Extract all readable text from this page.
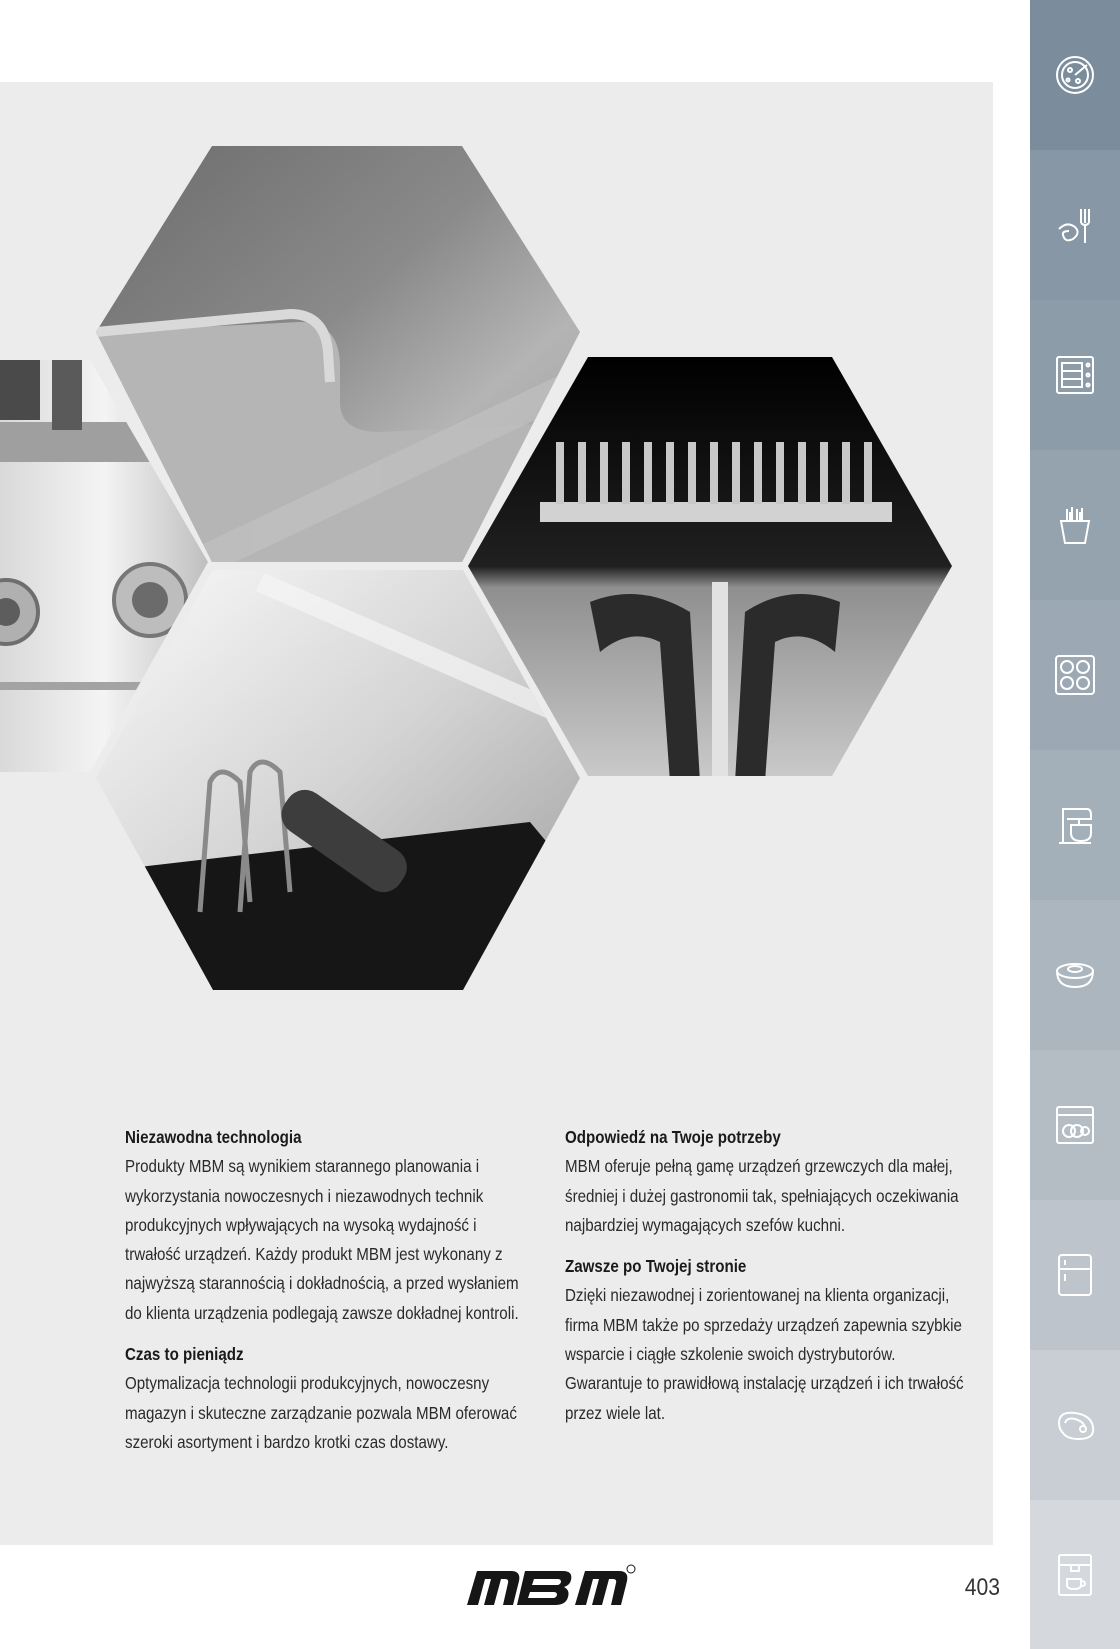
Niezawodna technologia

Produkty MBM są wynikiem starannego planowania i wykorzystania nowoczesnych i niezawodnych technik produkcyjnych wpływających na wysoką wydajność i trwałość urządzeń. Każdy produkt MBM jest wykonany z najwyższą starannością i dokładnością, a przed wysłaniem do klienta urządzenia podlegają zawsze dokładnej kontroli.

Czas to pieniądz

Optymalizacja technologii produkcyjnych, nowoczesny magazyn i skuteczne zarządzanie pozwala MBM oferować szeroki asortyment i bardzo krotki czas dostawy.

Odpowiedź na Twoje potrzeby

MBM oferuje pełną gamę urządzeń grzewczych dla małej, średniej i dużej gastronomii tak, spełniających oczekiwania najbardziej wymagających szefów kuchni.

Zawsze po Twojej stronie

Dzięki niezawodnej i zorientowanej na klienta organizacji, firma MBM także po sprzedaży urządzeń zapewnia szybkie wsparcie i ciągłe szkolenie swoich dystrybutorów. Gwarantuje to prawidłową instalację urządzeń i ich trwałość przez wiele lat.

403
